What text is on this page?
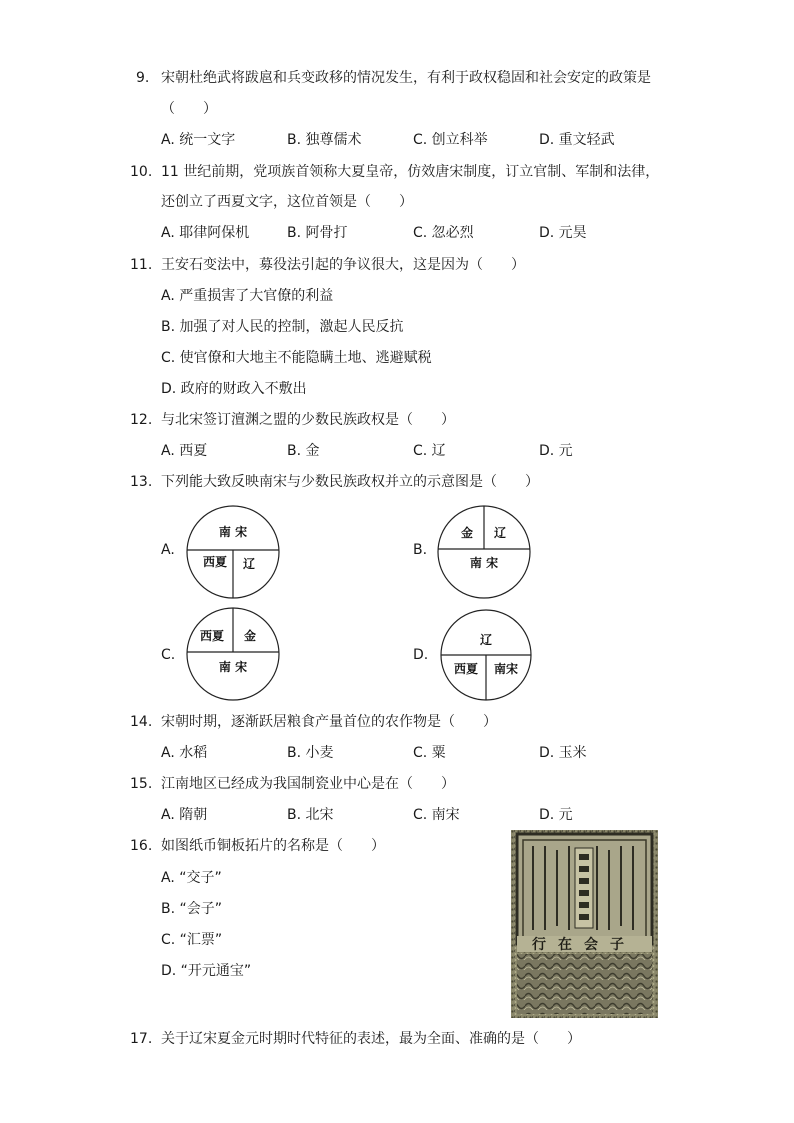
9. 宋朝杜绝武将跋扈和兵变政移的情况发生，有利于政权稳固和社会安定的政策是
（　　）
A. 统一文字	B. 独尊儒术	C. 创立科举	D. 重文轻武
10. 11 世纪前期，党项族首领称大夏皇帝，仿效唐宋制度，订立官制、军制和法律，
还创立了西夏文字，这位首领是（　　）
A. 耶律阿保机	B. 阿骨打	C. 忽必烈	D. 元昊
11. 王安石变法中，募役法引起的争议很大，这是因为（　　）
A. 严重损害了大官僚的利益
B. 加强了对人民的控制，激起人民反抗
C. 使官僚和大地主不能隐瞒土地、逃避赋税
D. 政府的财政入不敷出
12. 与北宋签订澶渊之盟的少数民族政权是（　　）
A. 西夏	B. 金	C. 辽	D. 元
13. 下列能大致反映南宋与少数民族政权并立的示意图是（　　）
A.
南 宋
西夏 辽
B.
金 辽
南 宋
C.
西夏 金
南 宋
D.
辽
西夏 南宋
14. 宋朝时期，逐渐跃居粮食产量首位的农作物是（　　）
A. 水稻	B. 小麦	C. 粟	D. 玉米
15. 江南地区已经成为我国制瓷业中心是在（　　）
A. 隋朝	B. 北宋	C. 南宋	D. 元
16. 如图纸币铜板拓片的名称是（　　）
A. “交子”
B. “会子”
C. “汇票”
D. “开元通宝”
行在会子
17. 关于辽宋夏金元时期时代特征的表述，最为全面、准确的是（　　）
